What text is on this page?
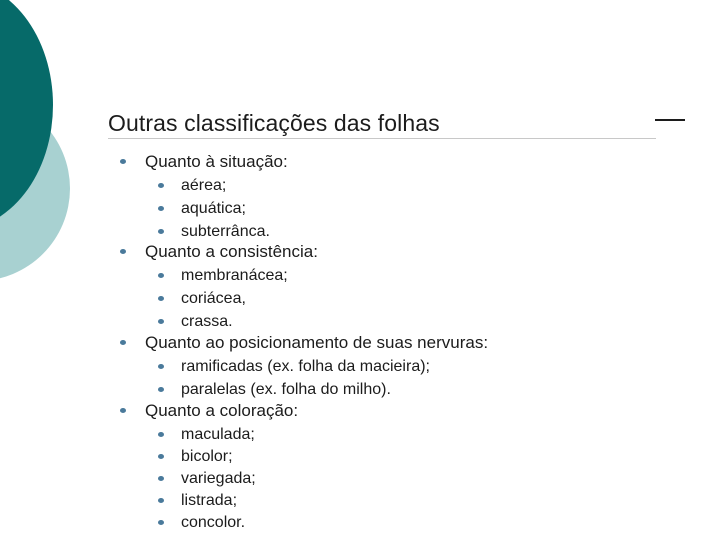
Outras classificações das folhas
Quanto à situação:
aérea;
aquática;
subterrânca.
Quanto a consistência:
membranácea;
coriácea,
crassa.
Quanto ao posicionamento de suas nervuras:
ramificadas (ex. folha da macieira);
paralelas (ex. folha do milho).
Quanto a coloração:
maculada;
bicolor;
variegada;
listrada;
concolor.
